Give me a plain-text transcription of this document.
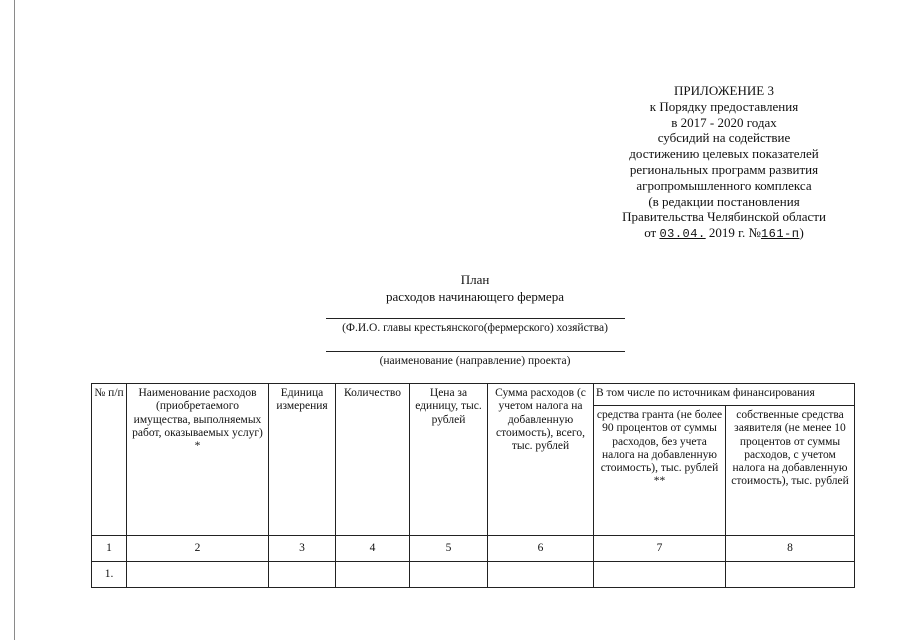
ПРИЛОЖЕНИЕ 3
к Порядку предоставления
в 2017 - 2020 годах
субсидий на содействие
достижению целевых показателей
региональных программ развития
агропромышленного комплекса
(в редакции постановления
Правительства Челябинской области
от 03.04. 2019 г. №161-п)
План
расходов начинающего фермера
(Ф.И.О. главы крестьянского(фермерского) хозяйства)
(наименование (направление) проекта)
№ п/п	Наименование расходов (приобретаемого имущества, выполняемых работ, оказываемых услуг) *	Единица измерения	Количество	Цена за единицу, тыс. рублей	Сумма расходов (с учетом налога на добавленную стоимость), всего, тыс. рублей	В том числе по источникам финансирования	
						средства гранта (не более 90 процентов от суммы расходов, без учета налога на добавленную стоимость), тыс. рублей **	собственные средства заявителя (не менее 10 процентов от суммы расходов, с учетом налога на добавленную стоимость), тыс. рублей
1	2	3	4	5	6	7	8
1.							
